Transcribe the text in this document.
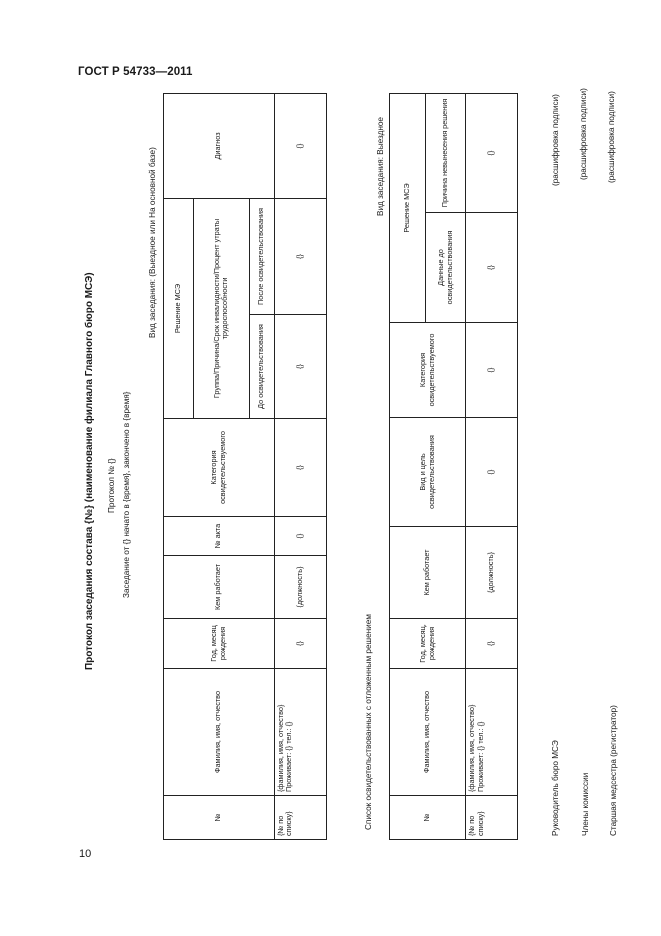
ГОСТ Р 54733—2011
10
Протокол заседания состава {№} (наименование филиала Главного бюро МСЭ) Протокол № {} Заседание от {} начато в {время}, закончено в {время}
Вид заседания: (Выездное или На основной базе)
№	Фамилия, имя, отчество	Год, месяц рождения	Кем работает	№ акта	Категория освидетельствуемого	Решение МСЭ		Диагноз
						Группа/Причина/Срок инвалидности/Процент утраты трудоспособности		
						До освидетельствования	После освидетельствования	
{№ по списку}	{фамилия, имя, отчество} Проживает: {} тел.: {}	{}	{должность}	{}	{}	{}	{}	{}
Список освидетельствованных с отложенным решением
Вид заседания: Выездное
№	Фамилия, имя, отчество	Год, месяц, рождения	Кем работает	Вид и цель освидетельствования	Категория освидетельствуемого	Решение МСЭ	
						Данные до освидетельствования	Причина невынесения решения
{№ по списку}	{фамилия, имя, отчество} Проживает: {} тел.: {}	{}	{должность}	{}	{}	{}	{}
Руководитель бюро МСЭ	Члены комиссии Старшая медсестра (регистратор)
(расшифровка подписи) (расшифровка подписи) (расшифровка подписи)
